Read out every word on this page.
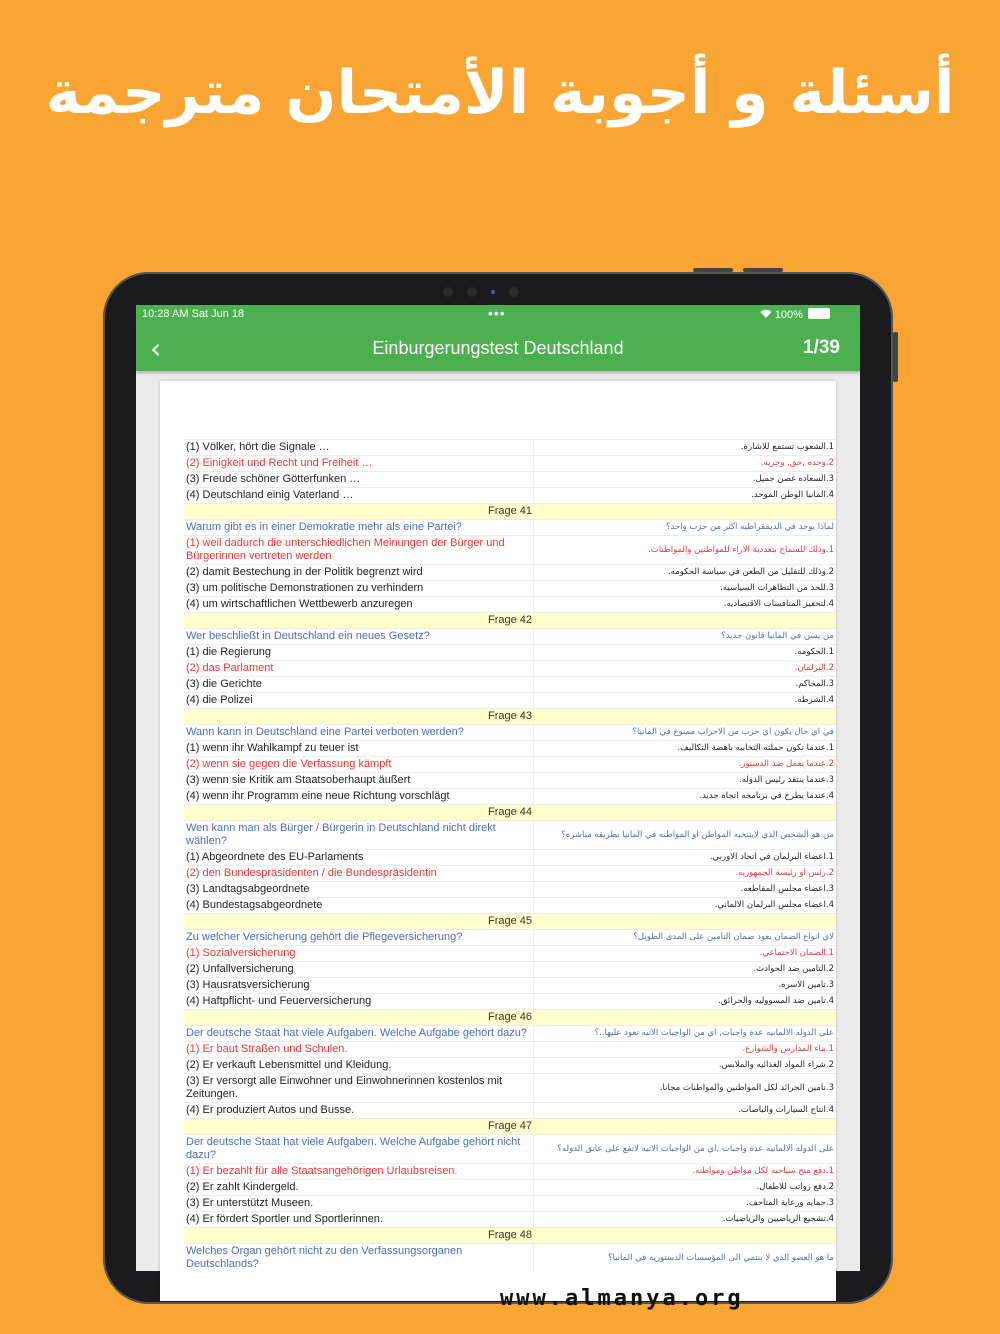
أسئلة و أجوبة الأمتحان مترجمة
10:28 AM Sat Jun 18	•••	100%
‹	Einburgerungstest Deutschland	1/39
(1) Völker, hört die Signale …	1.الشعوب تستمع للاشارة.
(2) Einigkeit und Recht und Freiheit …	2.وحده ,حق, وحريه.
(3) Freude schöner Götterfunken …	3.السعاده غصن جميل.
(4) Deutschland einig Vaterland …	4.المانيا الوطن الموحد.
Frage 41	
Warum gibt es in einer Demokratie mehr als eine Partei?	لماذا يوجد في الديمقراطيه اكثر من حزب واحد؟
(1) weil dadurch die unterschiedlichen Meinungen der Bürger und Bürgerinnen vertreten werden	1.وذلك للسماح بتعددية الاراء للمواطنين والمواطنات.
(2) damit Bestechung in der Politik begrenzt wird	2.وذلك للتقليل من الطعن في سياسة الحكومه.
(3) um politische Demonstrationen zu verhindern	3.للحد من التظاهرات السياسيه.
(4) um wirtschaftlichen Wettbewerb anzuregen	4.لتحفيز المنافسات الاقتصاديه.
Frage 42	
Wer beschließt in Deutschland ein neues Gesetz?	من يسن في المانيا قانون جديد؟
(1) die Regierung	1.الحكومه.
(2) das Parlament	2.البرلمان.
(3) die Gerichte	3.المحاكم.
(4) die Polizei	4.الشرطه.
Frage 43	
Wann kann in Deutschland eine Partei verboten werden?	في اي حال يكون اي حزب من الاحزاب ممنوع في المانيا؟
(1) wenn ihr Wahlkampf zu teuer ist	1.عندما تكون حملته التخابيه باهضة التكاليف.
(2) wenn sie gegen die Verfassung kämpft	2.عندما يعمل ضد الدستور.
(3) wenn sie Kritik am Staatsoberhaupt äußert	3.عندما ينتقد رئيس الدوله.
(4) wenn ihr Programm eine neue Richtung vorschlägt	4.عندما يطرح في برنامجه اتجاه جديد.
Frage 44	
Wen kann man als Bürger / Bürgerin in Deutschland nicht direkt wählen?	من هو الشخص الذي لايتنخبه المواطن او المواطنه في المانيا بطريقه مباشره؟
(1) Abgeordnete des EU-Parlaments	1.اعضاء البرلمان في اتحاد الاوربي.
(2) den Bundespräsidenten / die Bundespräsidentin	2.رئس او رئيسة الجمهوريه.
(3) Landtagsabgeordnete	3.اعضاء مجلس المقاطعه.
(4) Bundestagsabgeordnete	4.اعضاء مجلس البرلمان الالماني.
Frage 45	
Zu welcher Versicherung gehört die Pflegeversicherung?	لاي انواع الضمان يعود ضمان التامين على المدى الطويل؟
(1) Sozialversicherung	1.الضمان الاجتماعي.
(2) Unfallversicherung	2.التامين ضد الحوادث.
(3) Hausratsversicherung	3.تامين الاسره.
(4) Haftpflicht- und Feuerversicherung	4.تامين ضد المسووليه والحرائق.
Frage 46	
Der deutsche Staat hat viele Aufgaben. Welche Aufgabe gehört dazu?	على الدوله الالمانيه عدة واجبات, اي من الواجبات الاتيه تعود عليها..؟
(1) Er baut Straßen und Schulen.	1.بناء المدارس والشوارع.
(2) Er verkauft Lebensmittel und Kleidung.	2.شراء المواد الغذائيه والملابس.
(3) Er versorgt alle Einwohner und Einwohnerinnen kostenlos mit Zeitungen.	3.تامين الجرائد لكل المواطنين والمواطنات مجانا.
(4) Er produziert Autos und Busse.	4.انتاج السيارات والباصات.
Frage 47	
Der deutsche Staat hat viele Aufgaben. Welche Aufgabe gehört nicht dazu?	على الدوله الالمانيه عدة واجبات ,اي من الواجبات الاتيه لاتقع على عاتق الدوله؟
(1) Er bezahlt für alle Staatsangehörigen Urlaubsreisen.	1.دفع منح سياحيه لكل مواطن ومواطنه.
(2) Er zahlt Kindergeld.	2.دفع رواتب للاطفال.
(3) Er unterstützt Museen.	3.حمايه ورعاية المتاحف.
(4) Er fördert Sportler und Sportlerinnen.	4.تشجيع الرياضيين والرياضيات.
Frage 48	
Welches Organ gehört nicht zu den Verfassungsorganen Deutschlands?	ما هو العضو الذي لا ينتمي الى المؤسسات الدستوريه في المانيا؟
www.almanya.org
